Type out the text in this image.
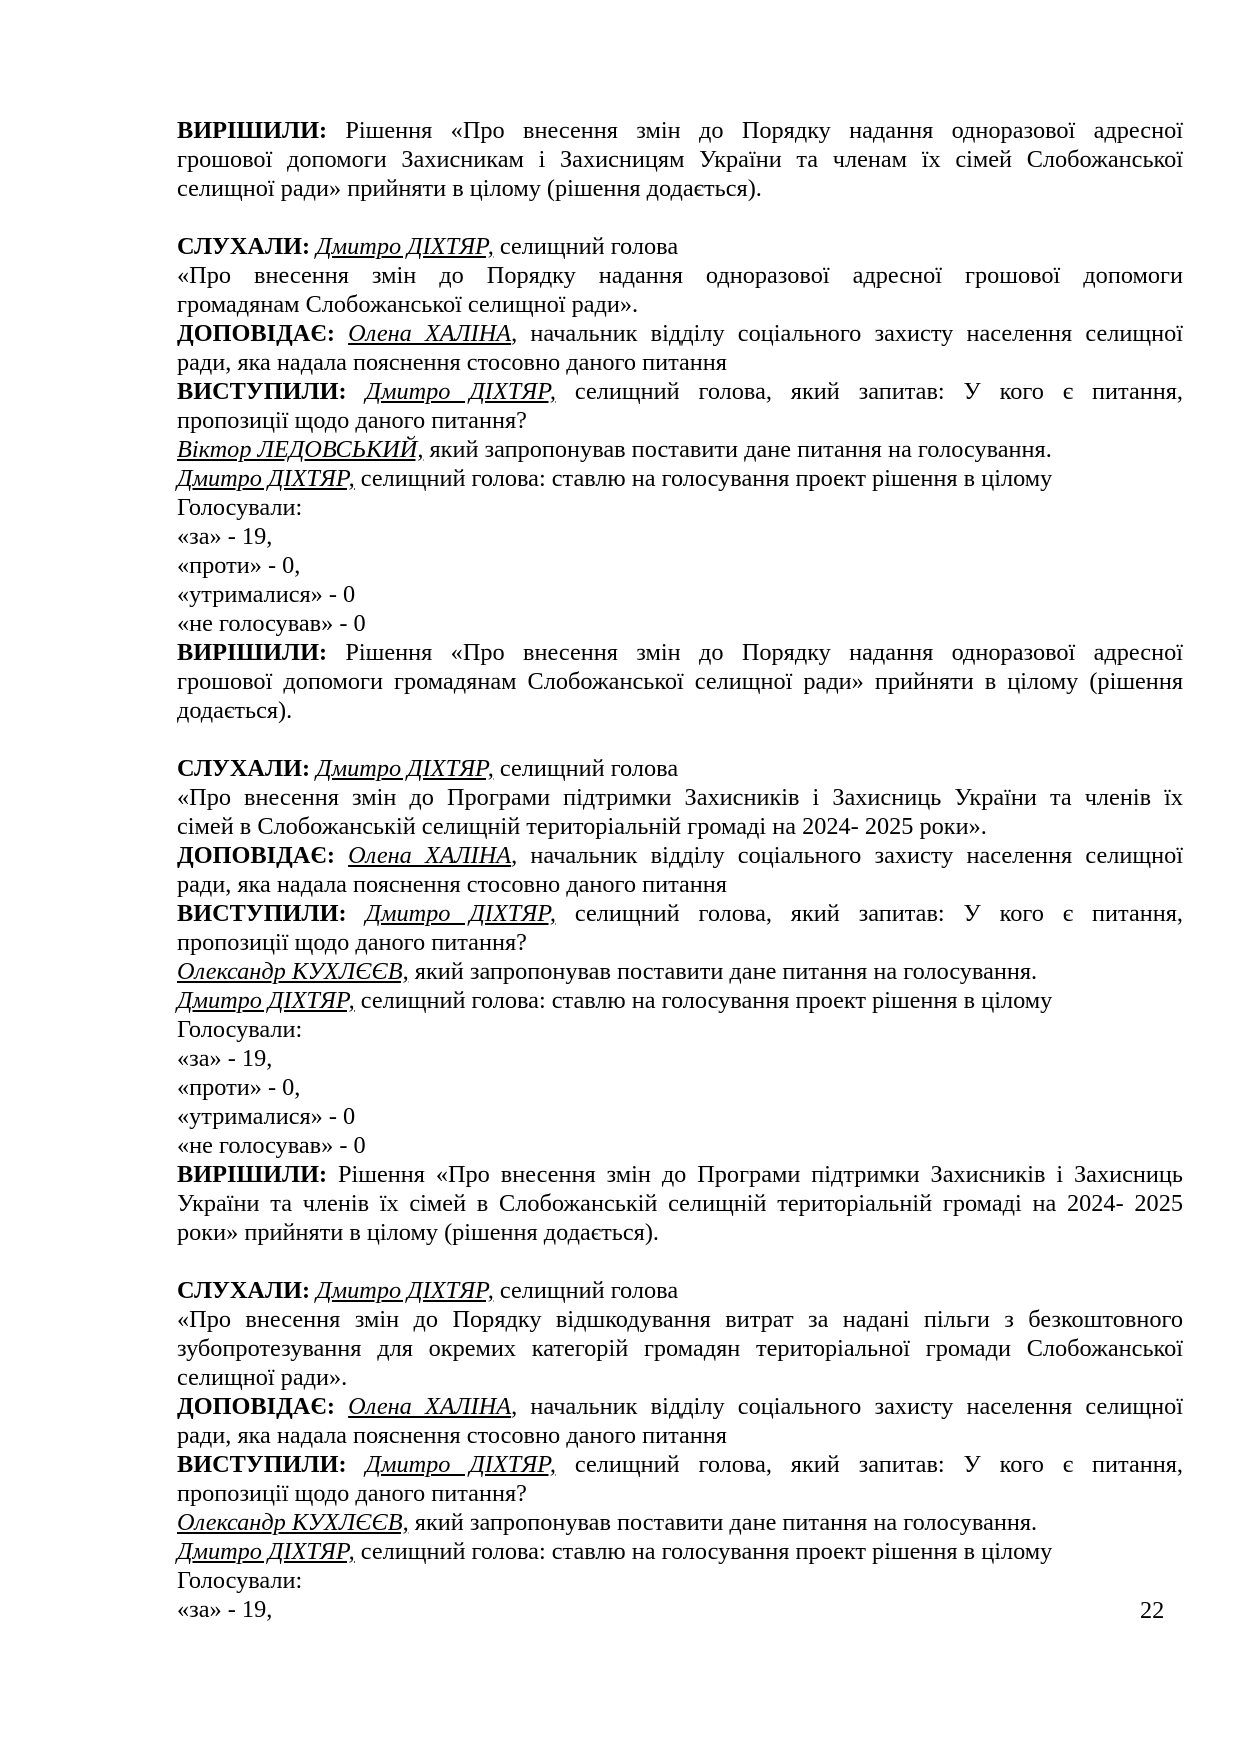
ВИРІШИЛИ: Рішення «Про внесення змін до Порядку надання одноразової адресної
грошової допомоги Захисникам і Захисницям України та членам їх сімей Слобожанської
селищної ради» прийняти в цілому (рішення додається).
СЛУХАЛИ: Дмитро ДІХТЯР, селищний голова
«Про внесення змін до Порядку надання одноразової адресної грошової допомоги
громадянам Слобожанської селищної ради».
ДОПОВІДАЄ: Олена ХАЛІНА, начальник відділу соціального захисту населення селищної
ради, яка надала пояснення стосовно даного питання
ВИСТУПИЛИ: Дмитро ДІХТЯР, селищний голова, який запитав: У кого є питання,
пропозиції щодо даного питання?
Віктор ЛЕДОВСЬКИЙ, який запропонував поставити дане питання на голосування.
Дмитро ДІХТЯР, селищний голова: ставлю на голосування проект рішення в цілому
Голосували:
«за» - 19,
«проти» - 0,
«утрималися» - 0
«не голосував» - 0
ВИРІШИЛИ: Рішення «Про внесення змін до Порядку надання одноразової адресної
грошової допомоги громадянам Слобожанської селищної ради» прийняти в цілому (рішення
додається).
СЛУХАЛИ: Дмитро ДІХТЯР, селищний голова
«Про внесення змін до Програми підтримки Захисників і Захисниць України та членів їх
сімей в Слобожанській селищній територіальній громаді на 2024- 2025 роки».
ДОПОВІДАЄ: Олена ХАЛІНА, начальник відділу соціального захисту населення селищної
ради, яка надала пояснення стосовно даного питання
ВИСТУПИЛИ: Дмитро ДІХТЯР, селищний голова, який запитав: У кого є питання,
пропозиції щодо даного питання?
Олександр КУХЛЄЄВ, який запропонував поставити дане питання на голосування.
Дмитро ДІХТЯР, селищний голова: ставлю на голосування проект рішення в цілому
Голосували:
«за» - 19,
«проти» - 0,
«утрималися» - 0
«не голосував» - 0
ВИРІШИЛИ: Рішення «Про внесення змін до Програми підтримки Захисників і Захисниць
України та членів їх сімей в Слобожанській селищній територіальній громаді на 2024- 2025
роки» прийняти в цілому (рішення додається).
СЛУХАЛИ: Дмитро ДІХТЯР, селищний голова
«Про внесення змін до Порядку відшкодування витрат за надані пільги з безкоштовного
зубопротезування для окремих категорій громадян територіальної громади Слобожанської
селищної ради».
ДОПОВІДАЄ: Олена ХАЛІНА, начальник відділу соціального захисту населення селищної
ради, яка надала пояснення стосовно даного питання
ВИСТУПИЛИ: Дмитро ДІХТЯР, селищний голова, який запитав: У кого є питання,
пропозиції щодо даного питання?
Олександр КУХЛЄЄВ, який запропонував поставити дане питання на голосування.
Дмитро ДІХТЯР, селищний голова: ставлю на голосування проект рішення в цілому
Голосували:
«за» - 19,	22
